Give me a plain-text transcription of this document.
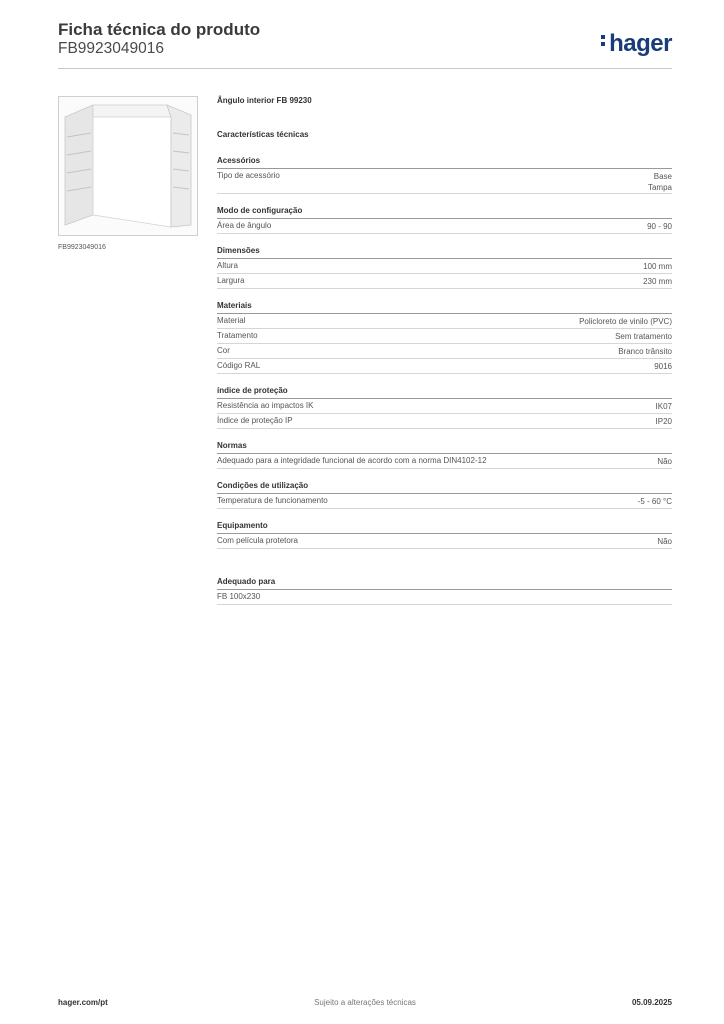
Ficha técnica do produto
FB9923049016	hager
FB9923049016
Ângulo interior FB 99230
Características técnicas
Acessórios
Tipo de acessório	Base
Tampa
Modo de configuração
Área de ângulo	90 - 90
Dimensões
Altura	100 mm
Largura	230 mm
Materiais
Material	Policloreto de vinilo (PVC)
Tratamento	Sem tratamento
Cor	Branco trânsito
Código RAL	9016
índice de proteção
Resistência ao impactos IK	IK07
Índice de proteção IP	IP20
Normas
Adequado para a integridade funcional de acordo com a norma DIN4102-12	Não
Condições de utilização
Temperatura de funcionamento	-5 - 60 °C
Equipamento
Com película protetora	Não
Adequado para
FB 100x230
hager.com/pt	Sujeito a alterações técnicas	05.09.2025
